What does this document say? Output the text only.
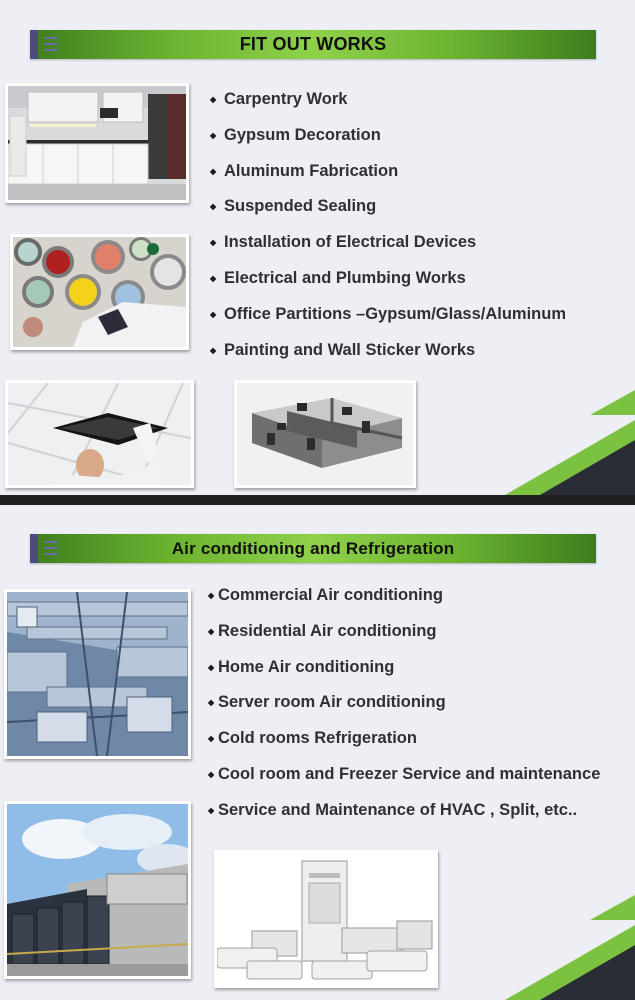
FIT OUT WORKS
◆ Carpentry Work
◆ Gypsum Decoration
◆ Aluminum Fabrication
◆ Suspended Sealing
◆ Installation of Electrical Devices
◆ Electrical and Plumbing Works
◆ Office Partitions –Gypsum/Glass/Aluminum
◆ Painting and Wall Sticker Works
Air conditioning and Refrigeration
◆ Commercial Air conditioning
◆ Residential Air conditioning
◆ Home Air conditioning
◆ Server room Air conditioning
◆ Cold rooms Refrigeration
◆ Cool room and Freezer Service and maintenance
◆ Service and Maintenance of HVAC , Split, etc..
